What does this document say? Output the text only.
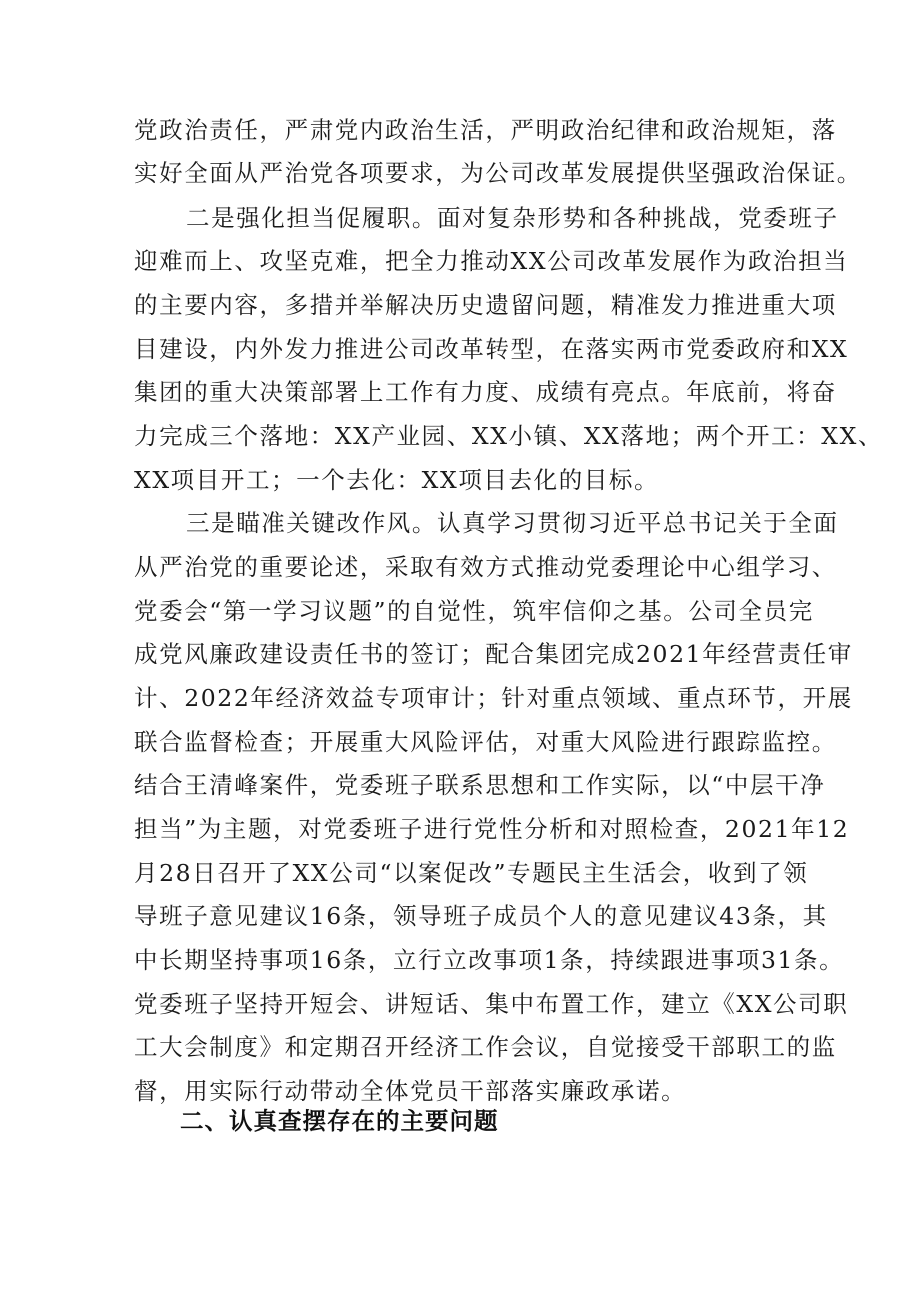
党政治责任，严肃党内政治生活，严明政治纪律和政治规矩，落
实好全面从严治党各项要求，为公司改革发展提供坚强政治保证。
二是强化担当促履职。面对复杂形势和各种挑战，党委班子
迎难而上、攻坚克难，把全力推动XX公司改革发展作为政治担当
的主要内容，多措并举解决历史遗留问题，精准发力推进重大项
目建设，内外发力推进公司改革转型，在落实两市党委政府和XX
集团的重大决策部署上工作有力度、成绩有亮点。年底前，将奋
力完成三个落地：XX产业园、XX小镇、XX落地；两个开工：XX、
XX项目开工；一个去化：XX项目去化的目标。
三是瞄准关键改作风。认真学习贯彻习近平总书记关于全面
从严治党的重要论述，采取有效方式推动党委理论中心组学习、
党委会“第一学习议题”的自觉性，筑牢信仰之基。公司全员完
成党风廉政建设责任书的签订；配合集团完成2021年经营责任审
计、2022年经济效益专项审计；针对重点领域、重点环节，开展
联合监督检查；开展重大风险评估，对重大风险进行跟踪监控。
结合王清峰案件，党委班子联系思想和工作实际，以“中层干净
担当”为主题，对党委班子进行党性分析和对照检查，2021年12
月28日召开了XX公司“以案促改”专题民主生活会，收到了领
导班子意见建议16条，领导班子成员个人的意见建议43条，其
中长期坚持事项16条，立行立改事项1条，持续跟进事项31条。
党委班子坚持开短会、讲短话、集中布置工作，建立《XX公司职
工大会制度》和定期召开经济工作会议，自觉接受干部职工的监
督，用实际行动带动全体党员干部落实廉政承诺。
二、认真查摆存在的主要问题
